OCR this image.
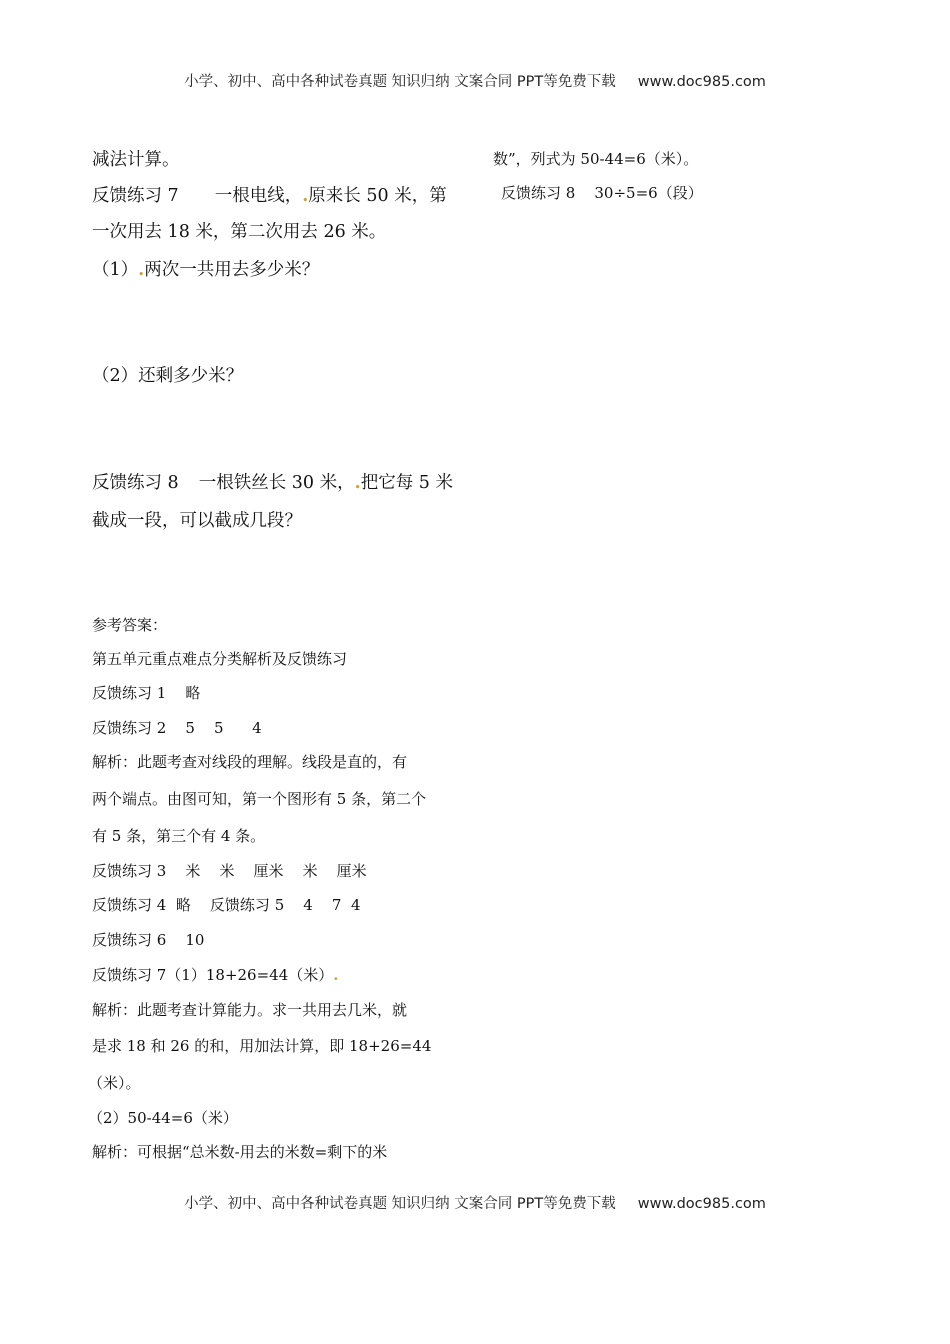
小学、初中、高中各种试卷真题 知识归纳 文案合同 PPT等免费下载 www.doc985.com
减法计算。
反馈练习 7 一根电线，.原来长 50 米，第
一次用去 18 米，第二次用去 26 米。
（1）.两次一共用去多少米？
（2）还剩多少米？
反馈练习 8 一根铁丝长 30 米，.把它每 5 米
截成一段，可以截成几段？
参考答案：
第五单元重点难点分类解析及反馈练习
反馈练习 1    略
反馈练习 2    5    5      4
解析：此题考查对线段的理解。线段是直的，有
两个端点。由图可知，第一个图形有 5 条，第二个
有 5 条，第三个有 4 条。
反馈练习 3    米    米    厘米    米    厘米
反馈练习 4  略    反馈练习 5    4    7  4
反馈练习 6    10
反馈练习 7（1）18+26=44（米）.
解析：此题考查计算能力。求一共用去几米，就
是求 18 和 26 的和，用加法计算，即 18+26=44
（米）。
（2）50-44=6（米）
解析：可根据“总米数-用去的米数=剩下的米
数”，列式为 50-44=6（米）。
反馈练习 8    30÷5=6（段）
小学、初中、高中各种试卷真题 知识归纳 文案合同 PPT等免费下载 www.doc985.com
